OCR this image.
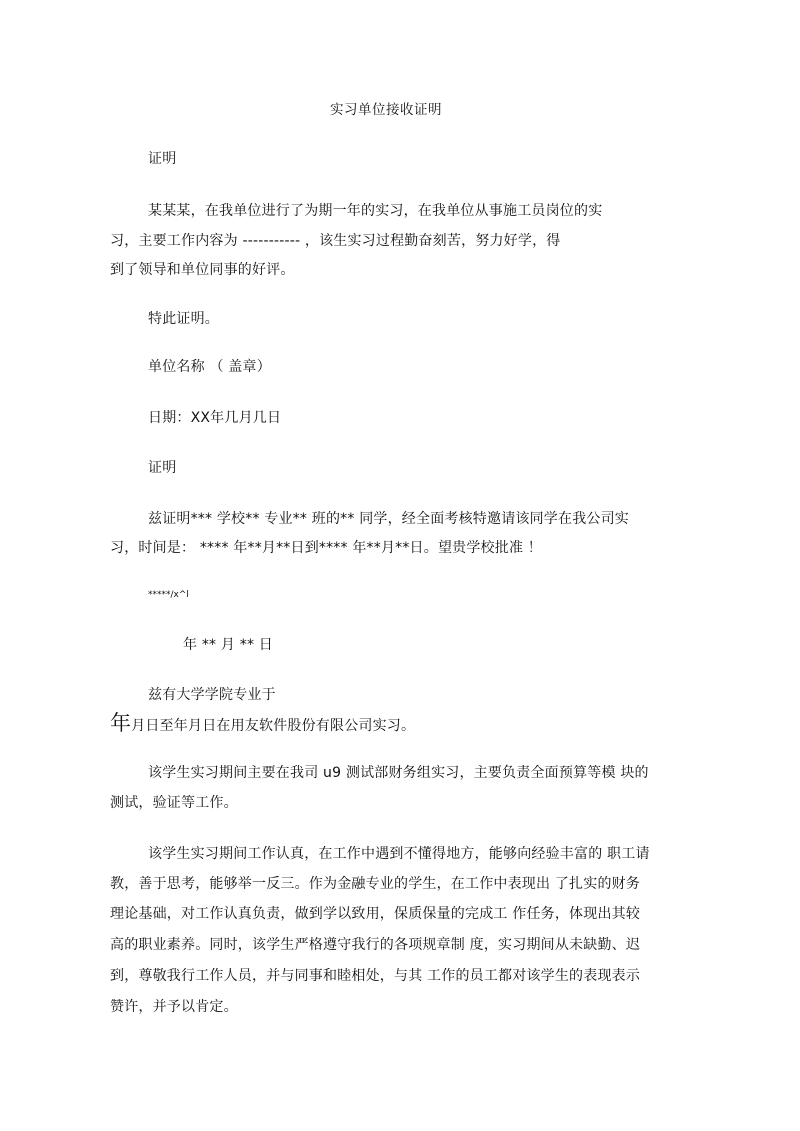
实习单位接收证明
证明
某某某，在我单位进行了为期一年的实习，在我单位从事施工员岗位的实
习，主要工作内容为 ----------- ，该生实习过程勤奋刻苦，努力好学，得
到了领导和单位同事的好评。
特此证明。
单位名称 （ 盖章）
日期：XX年几月几日
证明
兹证明*** 学校** 专业** 班的** 同学，经全面考核特邀请该同学在我公司实
习，时间是： **** 年**月**日到**** 年**月**日。望贵学校批准 ！
*****/x^l
年 ** 月 ** 日
兹有大学学院专业于
年月日至年月日在用友软件股份有限公司实习。
该学生实习期间主要在我司 u9 测试部财务组实习，主要负责全面预算等模 块的
测试，验证等工作。
该学生实习期间工作认真，在工作中遇到不懂得地方，能够向经验丰富的 职工请
教，善于思考，能够举一反三。作为金融专业的学生，在工作中表现出 了扎实的财务
理论基础，对工作认真负责，做到学以致用，保质保量的完成工 作任务，体现出其较
高的职业素养。同时，该学生严格遵守我行的各项规章制 度，实习期间从未缺勤、迟
到，尊敬我行工作人员，并与同事和睦相处，与其 工作的员工都对该学生的表现表示
赞许，并予以肯定。
